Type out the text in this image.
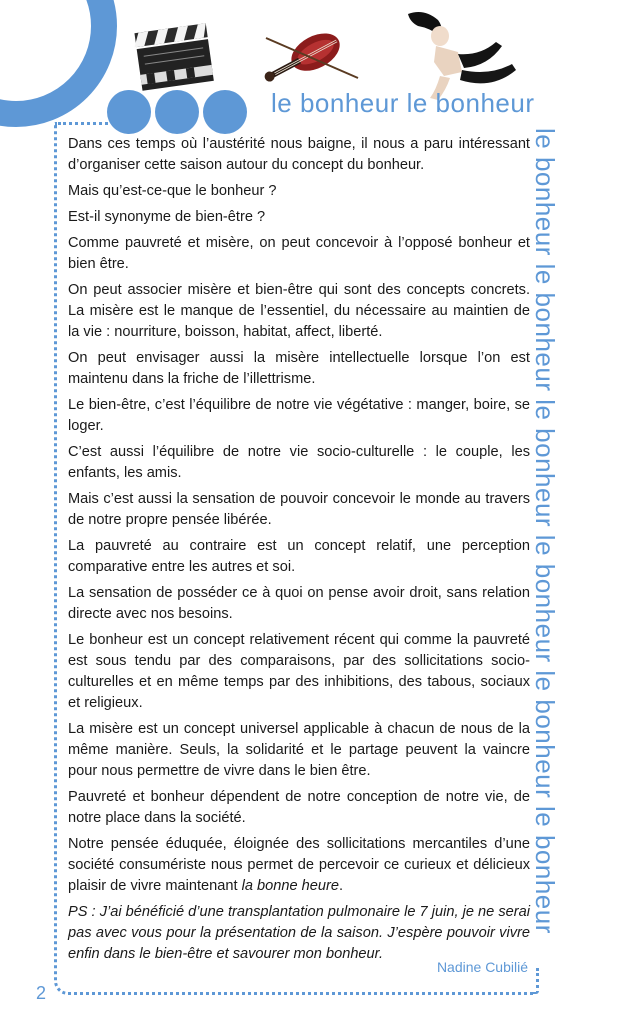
le bonheur le bonheur
le bonheur le bonheur le bonheur le bonheur le bonheur le bonheur

Dans ces temps où l’austérité nous baigne, il nous a paru intéressant d’organiser cette saison autour du concept du bonheur.

Mais qu’est-ce-que le bonheur ?

Est-il synonyme de bien-être ?

Comme pauvreté et misère, on peut concevoir à l’opposé bonheur et bien être.

On peut associer misère et bien-être qui sont des concepts concrets. La misère est le manque de l’essentiel, du nécessaire au maintien de la vie : nourriture, boisson, habitat, affect, liberté.

On peut envisager aussi la misère intellectuelle lorsque l’on est maintenu dans la friche de l’illettrisme.

Le bien-être, c’est l’équilibre de notre vie végétative : manger, boire, se loger.

C’est aussi l’équilibre de notre vie socio-culturelle : le couple, les enfants, les amis.

Mais c’est aussi la sensation de pouvoir concevoir le monde au travers de notre propre pensée libérée.

La pauvreté au contraire est un concept relatif, une perception comparative entre les autres et soi.

La sensation de posséder ce à quoi on pense avoir droit, sans relation directe avec nos besoins.

Le bonheur est un concept relativement récent qui comme la pauvreté est sous tendu par des comparaisons, par des sollicitations socio-culturelles et en même temps par des inhibitions, des tabous, sociaux et religieux.

La misère est un concept universel applicable à chacun de nous de la même manière. Seuls, la solidarité et le partage peuvent la vaincre pour nous permettre de vivre dans le bien être.

Pauvreté et bonheur dépendent de notre conception de notre vie, de notre place dans la société.

Notre pensée éduquée, éloignée des sollicitations mercantiles d’une société consumériste nous permet de percevoir ce curieux et délicieux plaisir de vivre maintenant la bonne heure.

PS : J’ai bénéficié d’une transplantation pulmonaire le 7 juin, je ne serai pas avec vous pour la présentation de la saison. J’espère pouvoir vivre enfin dans le bien-être et savourer mon bonheur.

Nadine Cubilié
2
